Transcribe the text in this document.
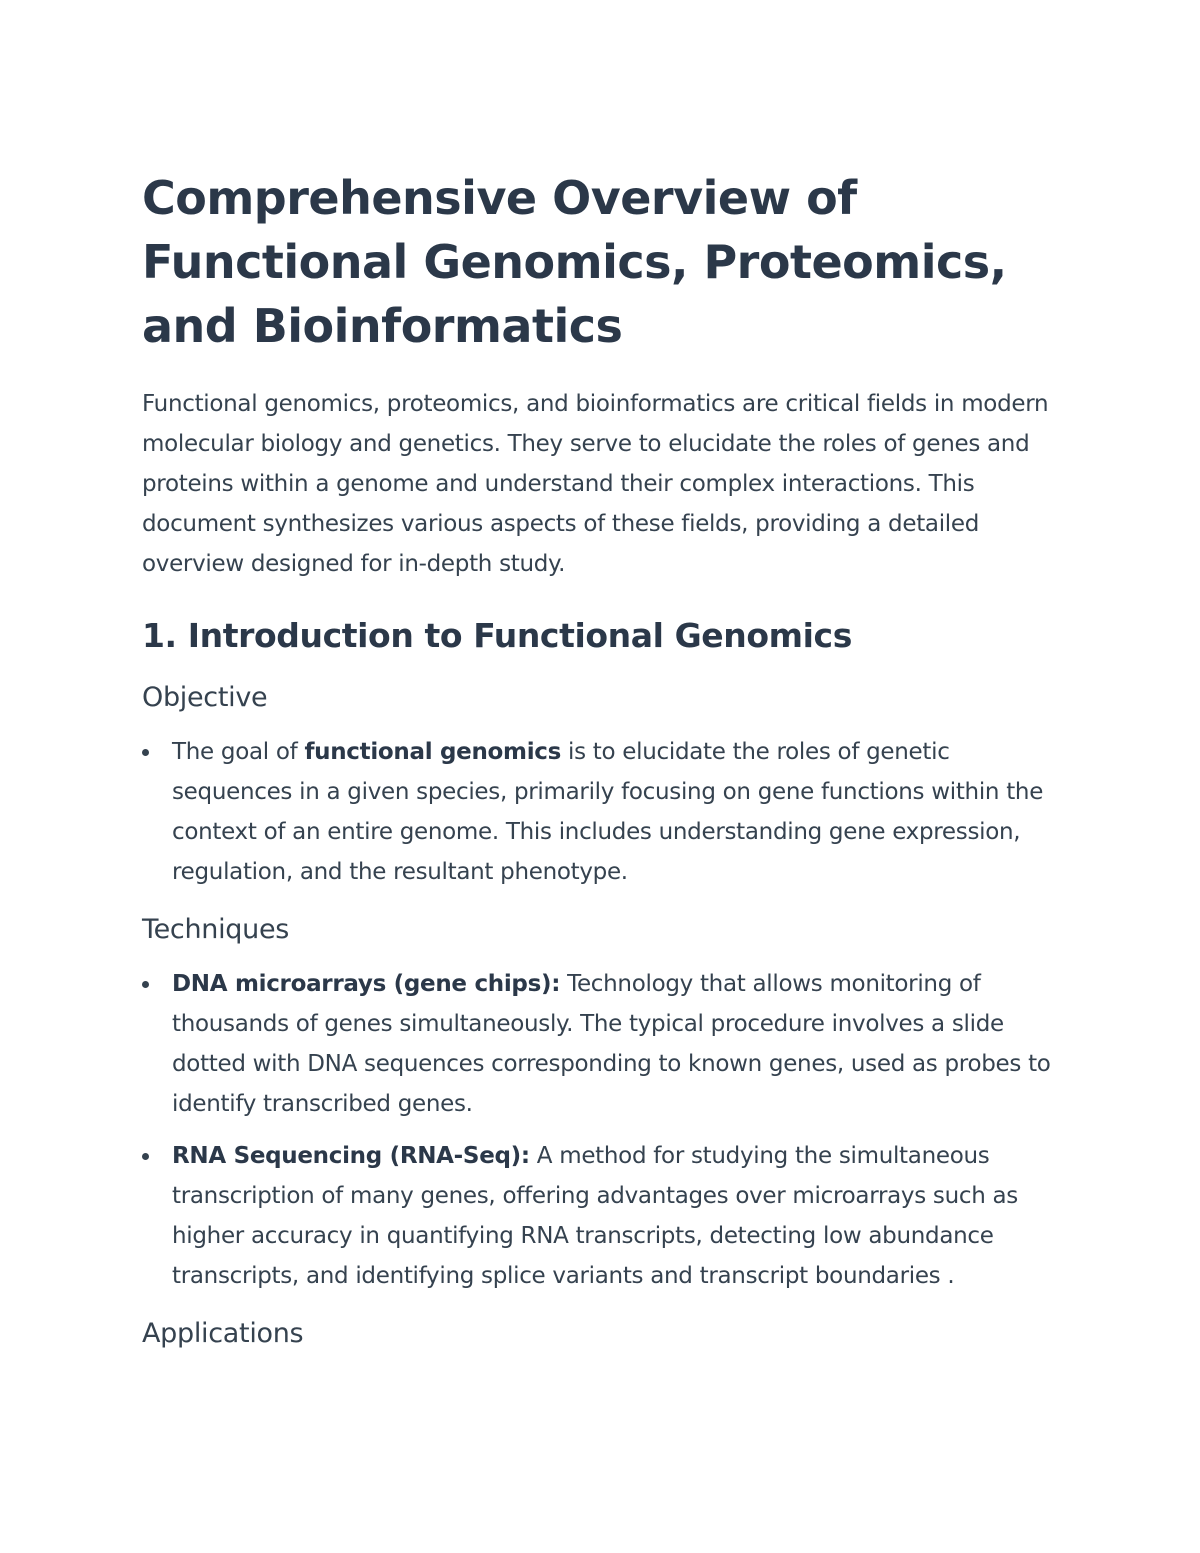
Comprehensive Overview of Functional Genomics, Proteomics, and Bioinformatics

Functional genomics, proteomics, and bioinformatics are critical fields in modern molecular biology and genetics. They serve to elucidate the roles of genes and proteins within a genome and understand their complex interactions. This document synthesizes various aspects of these fields, providing a detailed overview designed for in-depth study.

1. Introduction to Functional Genomics
Objective
The goal of functional genomics is to elucidate the roles of genetic sequences in a given species, primarily focusing on gene functions within the context of an entire genome. This includes understanding gene expression, regulation, and the resultant phenotype.
Techniques
DNA microarrays (gene chips): Technology that allows monitoring of thousands of genes simultaneously. The typical procedure involves a slide dotted with DNA sequences corresponding to known genes, used as probes to identify transcribed genes.
RNA Sequencing (RNA-Seq): A method for studying the simultaneous transcription of many genes, offering advantages over microarrays such as higher accuracy in quantifying RNA transcripts, detecting low abundance transcripts, and identifying splice variants and transcript boundaries .
Applications
